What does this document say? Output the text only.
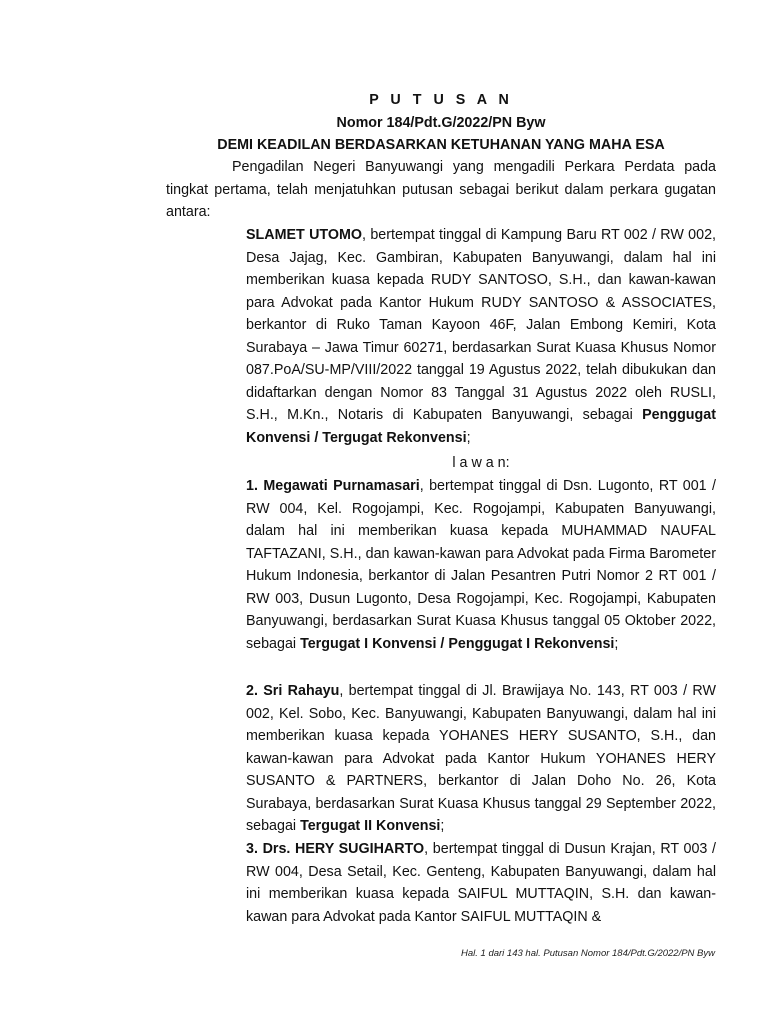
P U T U S A N
Nomor 184/Pdt.G/2022/PN Byw
DEMI KEADILAN BERDASARKAN KETUHANAN YANG MAHA ESA

Pengadilan Negeri Banyuwangi yang mengadili Perkara Perdata pada tingkat pertama, telah menjatuhkan putusan sebagai berikut dalam perkara gugatan antara:

SLAMET UTOMO, bertempat tinggal di Kampung Baru RT 002 / RW 002, Desa Jajag, Kec. Gambiran, Kabupaten Banyuwangi, dalam hal ini memberikan kuasa kepada RUDY SANTOSO, S.H., dan kawan-kawan para Advokat pada Kantor Hukum RUDY SANTOSO & ASSOCIATES, berkantor di Ruko Taman Kayoon 46F, Jalan Embong Kemiri, Kota Surabaya – Jawa Timur 60271, berdasarkan Surat Kuasa Khusus Nomor 087.PoA/SU-MP/VIII/2022 tanggal 19 Agustus 2022, telah dibukukan dan didaftarkan dengan Nomor 83 Tanggal 31 Agustus 2022 oleh RUSLI, S.H., M.Kn., Notaris di Kabupaten Banyuwangi, sebagai Penggugat Konvensi / Tergugat Rekonvensi;

l a w a n:

1. Megawati Purnamasari, bertempat tinggal di Dsn. Lugonto, RT 001 / RW 004, Kel. Rogojampi, Kec. Rogojampi, Kabupaten Banyuwangi, dalam hal ini memberikan kuasa kepada MUHAMMAD NAUFAL TAFTAZANI, S.H., dan kawan-kawan para Advokat pada Firma Barometer Hukum Indonesia, berkantor di Jalan Pesantren Putri Nomor 2 RT 001 / RW 003, Dusun Lugonto, Desa Rogojampi, Kec. Rogojampi, Kabupaten Banyuwangi, berdasarkan Surat Kuasa Khusus tanggal 05 Oktober 2022, sebagai Tergugat I Konvensi / Penggugat I Rekonvensi;

2. Sri Rahayu, bertempat tinggal di Jl. Brawijaya No. 143, RT 003 / RW 002, Kel. Sobo, Kec. Banyuwangi, Kabupaten Banyuwangi, dalam hal ini memberikan kuasa kepada YOHANES HERY SUSANTO, S.H., dan kawan-kawan para Advokat pada Kantor Hukum YOHANES HERY SUSANTO & PARTNERS, berkantor di Jalan Doho No. 26, Kota Surabaya, berdasarkan Surat Kuasa Khusus tanggal 29 September 2022, sebagai Tergugat II Konvensi;

3. Drs. HERY SUGIHARTO, bertempat tinggal di Dusun Krajan, RT 003 / RW 004, Desa Setail, Kec. Genteng, Kabupaten Banyuwangi, dalam hal ini memberikan kuasa kepada SAIFUL MUTTAQIN, S.H. dan kawan-kawan para Advokat pada Kantor SAIFUL MUTTAQIN &

Hal. 1 dari 143 hal. Putusan Nomor 184/Pdt.G/2022/PN Byw
